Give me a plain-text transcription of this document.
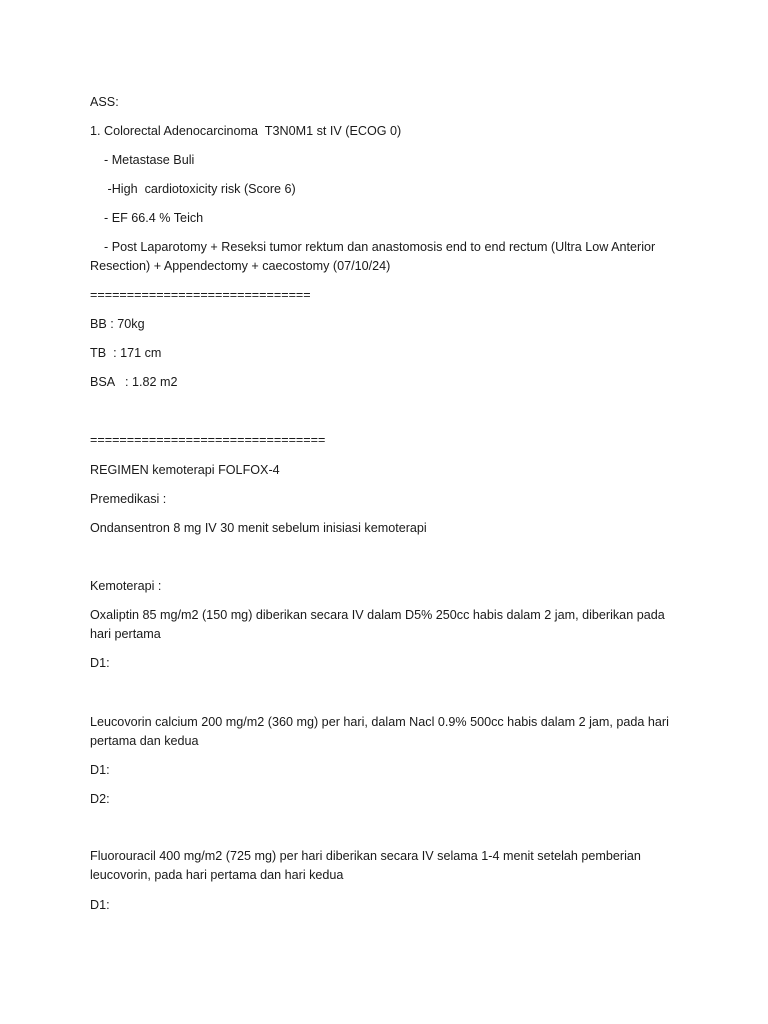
ASS:
1. Colorectal Adenocarcinoma  T3N0M1 st IV (ECOG 0)
- Metastase Buli
-High  cardiotoxicity risk (Score 6)
- EF 66.4 % Teich
- Post Laparotomy + Reseksi tumor rektum dan anastomosis end to end rectum (Ultra Low Anterior Resection) + Appendectomy + caecostomy (07/10/24)
==============================
BB : 70kg
TB  : 171 cm
BSA   : 1.82 m2
================================
REGIMEN kemoterapi FOLFOX-4
Premedikasi :
Ondansentron 8 mg IV 30 menit sebelum inisiasi kemoterapi
Kemoterapi :
Oxaliptin 85 mg/m2 (150 mg) diberikan secara IV dalam D5% 250cc habis dalam 2 jam, diberikan pada hari pertama
D1:
Leucovorin calcium 200 mg/m2 (360 mg) per hari, dalam Nacl 0.9% 500cc habis dalam 2 jam, pada hari pertama dan kedua
D1:
D2:
Fluorouracil 400 mg/m2 (725 mg) per hari diberikan secara IV selama 1-4 menit setelah pemberian leucovorin, pada hari pertama dan hari kedua
D1:
